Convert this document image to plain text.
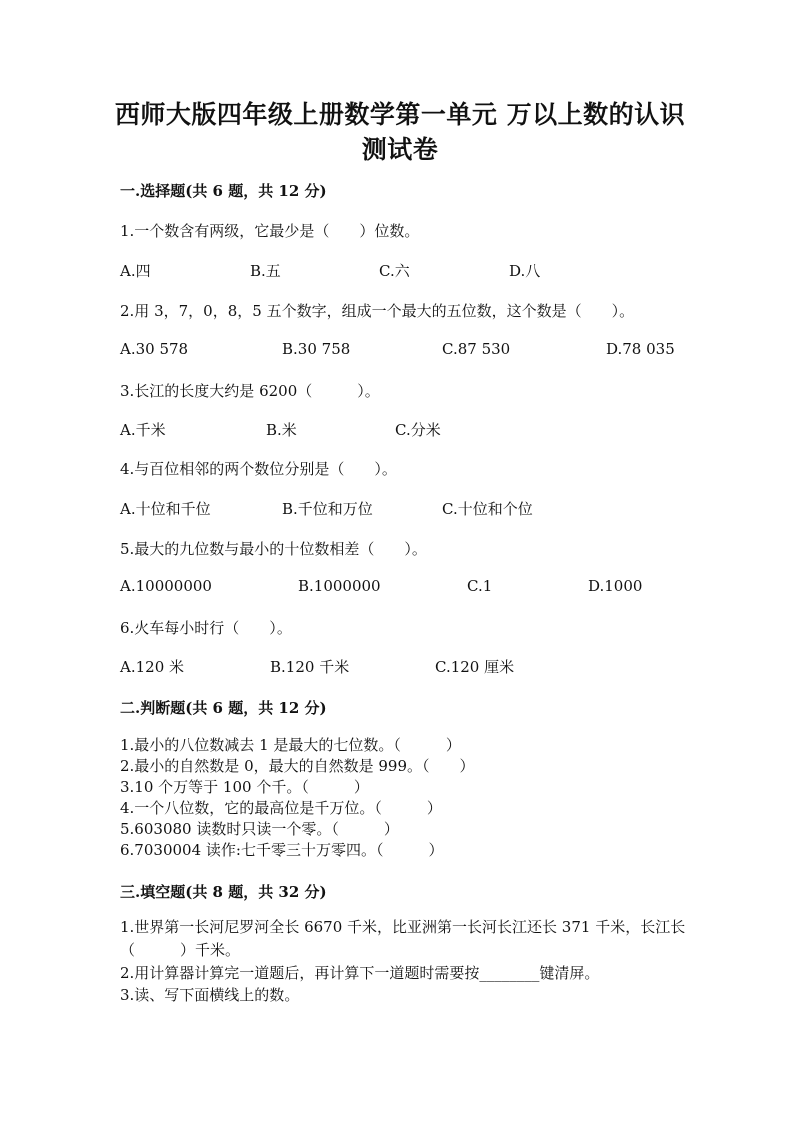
西师大版四年级上册数学第一单元 万以上数的认识
测试卷
一.选择题(共 6 题，共 12 分)
1.一个数含有两级，它最少是（　　）位数。
A.四	B.五	C.六	D.八
2.用 3，7，0，8，5 五个数字，组成一个最大的五位数，这个数是（　　）。
A.30 578	B.30 758	C.87 530	D.78 035
3.长江的长度大约是 6200（　　　）。
A.千米	B.米	C.分米
4.与百位相邻的两个数位分别是（　　）。
A.十位和千位	B.千位和万位	C.十位和个位
5.最大的九位数与最小的十位数相差（　　）。
A.10000000	B.1000000	C.1	D.1000
6.火车每小时行（　　）。
A.120 米	B.120 千米	C.120 厘米
二.判断题(共 6 题，共 12 分)
1.最小的八位数减去 1 是最大的七位数。（　　　）
2.最小的自然数是 0，最大的自然数是 999。（　　）
3.10 个万等于 100 个千。（　　　）
4.一个八位数，它的最高位是千万位。（　　　）
5.603080 读数时只读一个零。（　　　）
6.7030004 读作:七千零三十万零四。（　　　）
三.填空题(共 8 题，共 32 分)
1.世界第一长河尼罗河全长 6670 千米，比亚洲第一长河长江还长 371 千米，长江长（　　　）千米。
2.用计算器计算完一道题后，再计算下一道题时需要按________键清屏。
3.读、写下面横线上的数。
